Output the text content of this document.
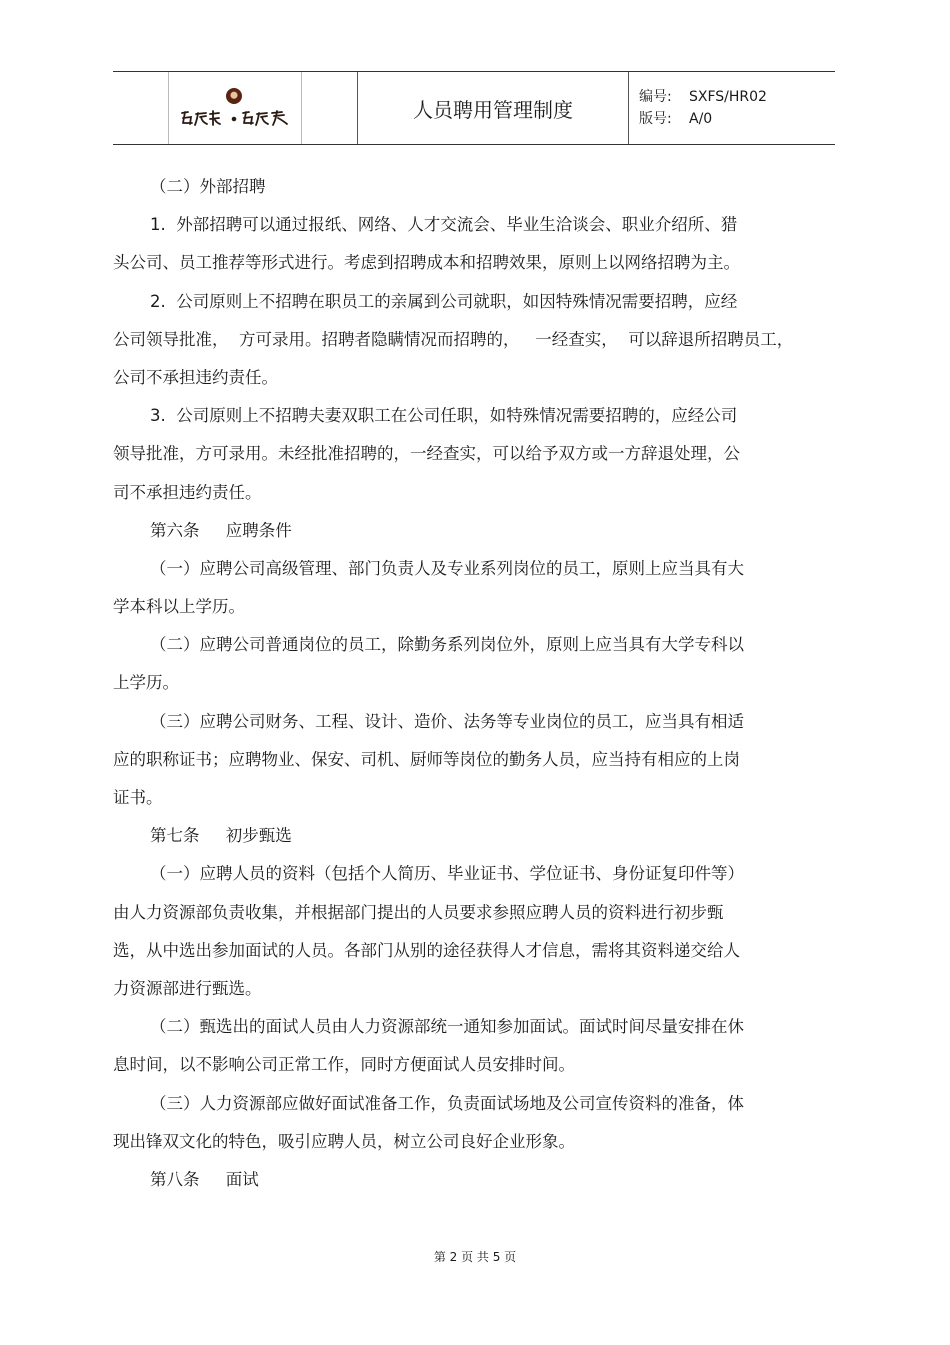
人员聘用管理制度
编号: SXFS/HR02
版号: A/0
（二）外部招聘
1.  外部招聘可以通过报纸、网络、人才交流会、毕业生洽谈会、职业介绍所、猎
头公司、员工推荐等形式进行。考虑到招聘成本和招聘效果，原则上以网络招聘为主。
2.  公司原则上不招聘在职员工的亲属到公司就职，如因特殊情况需要招聘，应经
公司领导批准，  方可录用。招聘者隐瞒情况而招聘的，   一经查实，  可以辞退所招聘员工，
公司不承担违约责任。
3.  公司原则上不招聘夫妻双职工在公司任职，如特殊情况需要招聘的，应经公司
领导批准，方可录用。未经批准招聘的，一经查实，可以给予双方或一方辞退处理，公
司不承担违约责任。
第六条     应聘条件
（一）应聘公司高级管理、部门负责人及专业系列岗位的员工，原则上应当具有大
学本科以上学历。
（二）应聘公司普通岗位的员工，除勤务系列岗位外，原则上应当具有大学专科以
上学历。
（三）应聘公司财务、工程、设计、造价、法务等专业岗位的员工，应当具有相适
应的职称证书；应聘物业、保安、司机、厨师等岗位的勤务人员，应当持有相应的上岗
证书。
第七条     初步甄选
（一）应聘人员的资料（包括个人简历、毕业证书、学位证书、身份证复印件等）
由人力资源部负责收集，并根据部门提出的人员要求参照应聘人员的资料进行初步甄
选，从中选出参加面试的人员。各部门从别的途径获得人才信息，需将其资料递交给人
力资源部进行甄选。
（二）甄选出的面试人员由人力资源部统一通知参加面试。面试时间尽量安排在休
息时间，以不影响公司正常工作，同时方便面试人员安排时间。
（三）人力资源部应做好面试准备工作，负责面试场地及公司宣传资料的准备，体
现出锋双文化的特色，吸引应聘人员，树立公司良好企业形象。
第八条     面试
第 2 页 共 5 页
